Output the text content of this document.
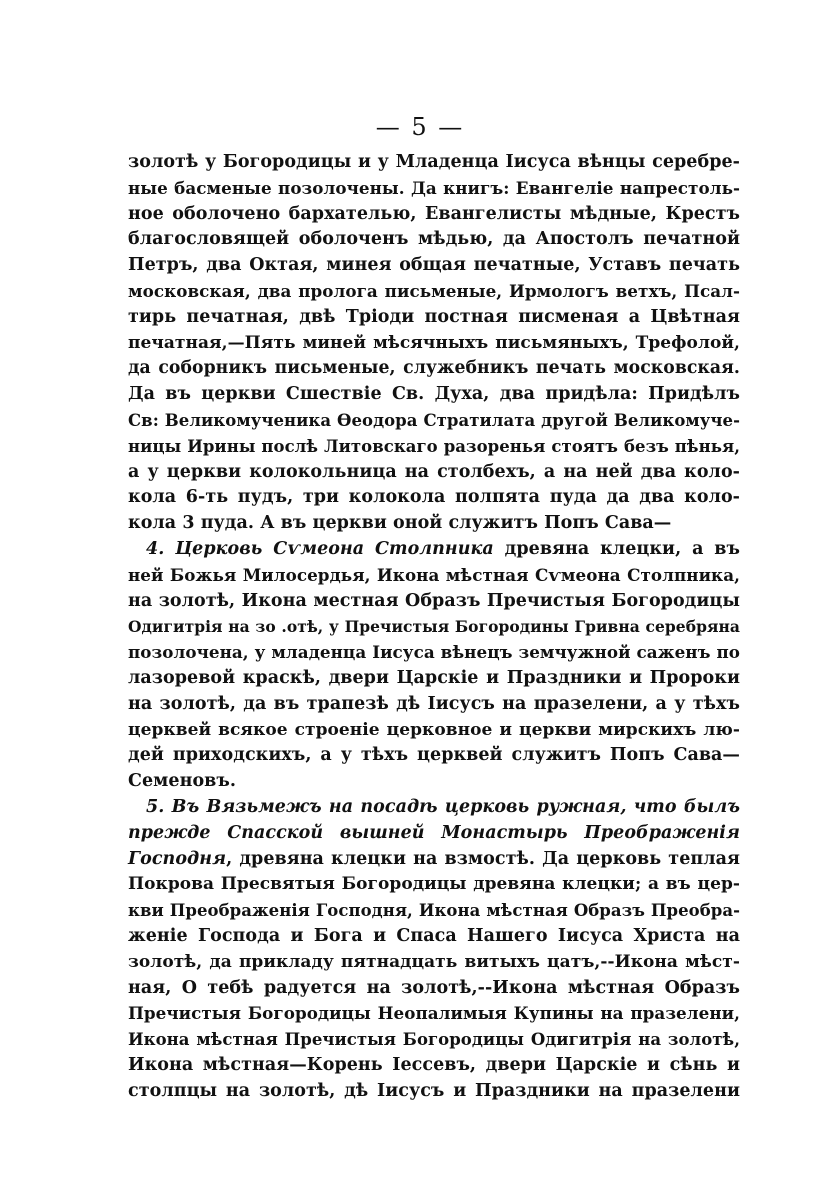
— 5 —
золотѣ у Богородицы и у Младенца Іисуса вѣнцы серебре-
ные басменые позолочены. Да книгъ: Евангеліе напрестоль-
ное оболочено бархателью, Евангелисты мѣдные, Крестъ
благословящей оболоченъ мѣдью, да Апостолъ печатной
Петръ, два Октая, минея общая печатные, Уставъ печать
московская, два пролога письменые, Ирмологъ ветхъ, Псал-
тирь печатная, двѣ Тріоди постная писменая а Цвѣтная
печатная,—Пять миней мѣсячныхъ письмяныхъ, Трефолой,
да соборникъ письменые, служебникъ печать московская.
Да въ церкви Сшествіе Св. Духа, два придѣла: Придѣлъ
Св: Великомученика Ѳеодора Стратилата другой Великомуче-
ницы Ирины послѣ Литовскаго разоренья стоятъ безъ пѣнья,
а у церкви колокольница на столбехъ, а на ней два коло-
кола 6-ть пудъ, три колокола полпята пуда да два коло-
кола 3 пуда. А въ церкви оной служитъ Попъ Сава—
4. Церковь Сѵмеона Столпника древяна клецки, а въ
ней Божья Милосердья, Икона мѣстная Сѵмеона Столпника,
на золотѣ, Икона местная Образъ Пречистыя Богородицы
Одигитрія на зо .отѣ, у Пречистыя Богородины Гривна серебряна
позолочена, у младенца Іисуса вѣнецъ земчужной саженъ по
лазоревой краскѣ, двери Царскіе и Праздники и Пророки
на золотѣ, да въ трапезѣ дѣ Іисусъ на празелени, а у тѣхъ
церквей всякое строеніе церковное и церкви мирскихъ лю-
дей приходскихъ, а у тѣхъ церквей служитъ Попъ Сава—
Семеновъ.
5. Въ Вязьмежъ на посадѣ церковь ружная, что былъ
прежде Спасской вышней Монастырь Преображенія
Господня, древяна клецки на взмостѣ. Да церковь теплая
Покрова Пресвятыя Богородицы древяна клецки; а въ цер-
кви Преображенія Господня, Икона мѣстная Образъ Преобра-
женіе Господа и Бога и Спаса Нашего Іисуса Христа на
золотѣ, да прикладу пятнадцать витыхъ цатъ,--Икона мѣст-
ная, О тебѣ радуется на золотѣ,--Икона мѣстная Образъ
Пречистыя Богородицы Неопалимыя Купины на празелени,
Икона мѣстная Пречистыя Богородицы Одигитрія на золотѣ,
Икона мѣстная—Корень Іессевъ, двери Царскіе и сѣнь и
столпцы на золотѣ, дѣ Іисусъ и Праздники на празелени
